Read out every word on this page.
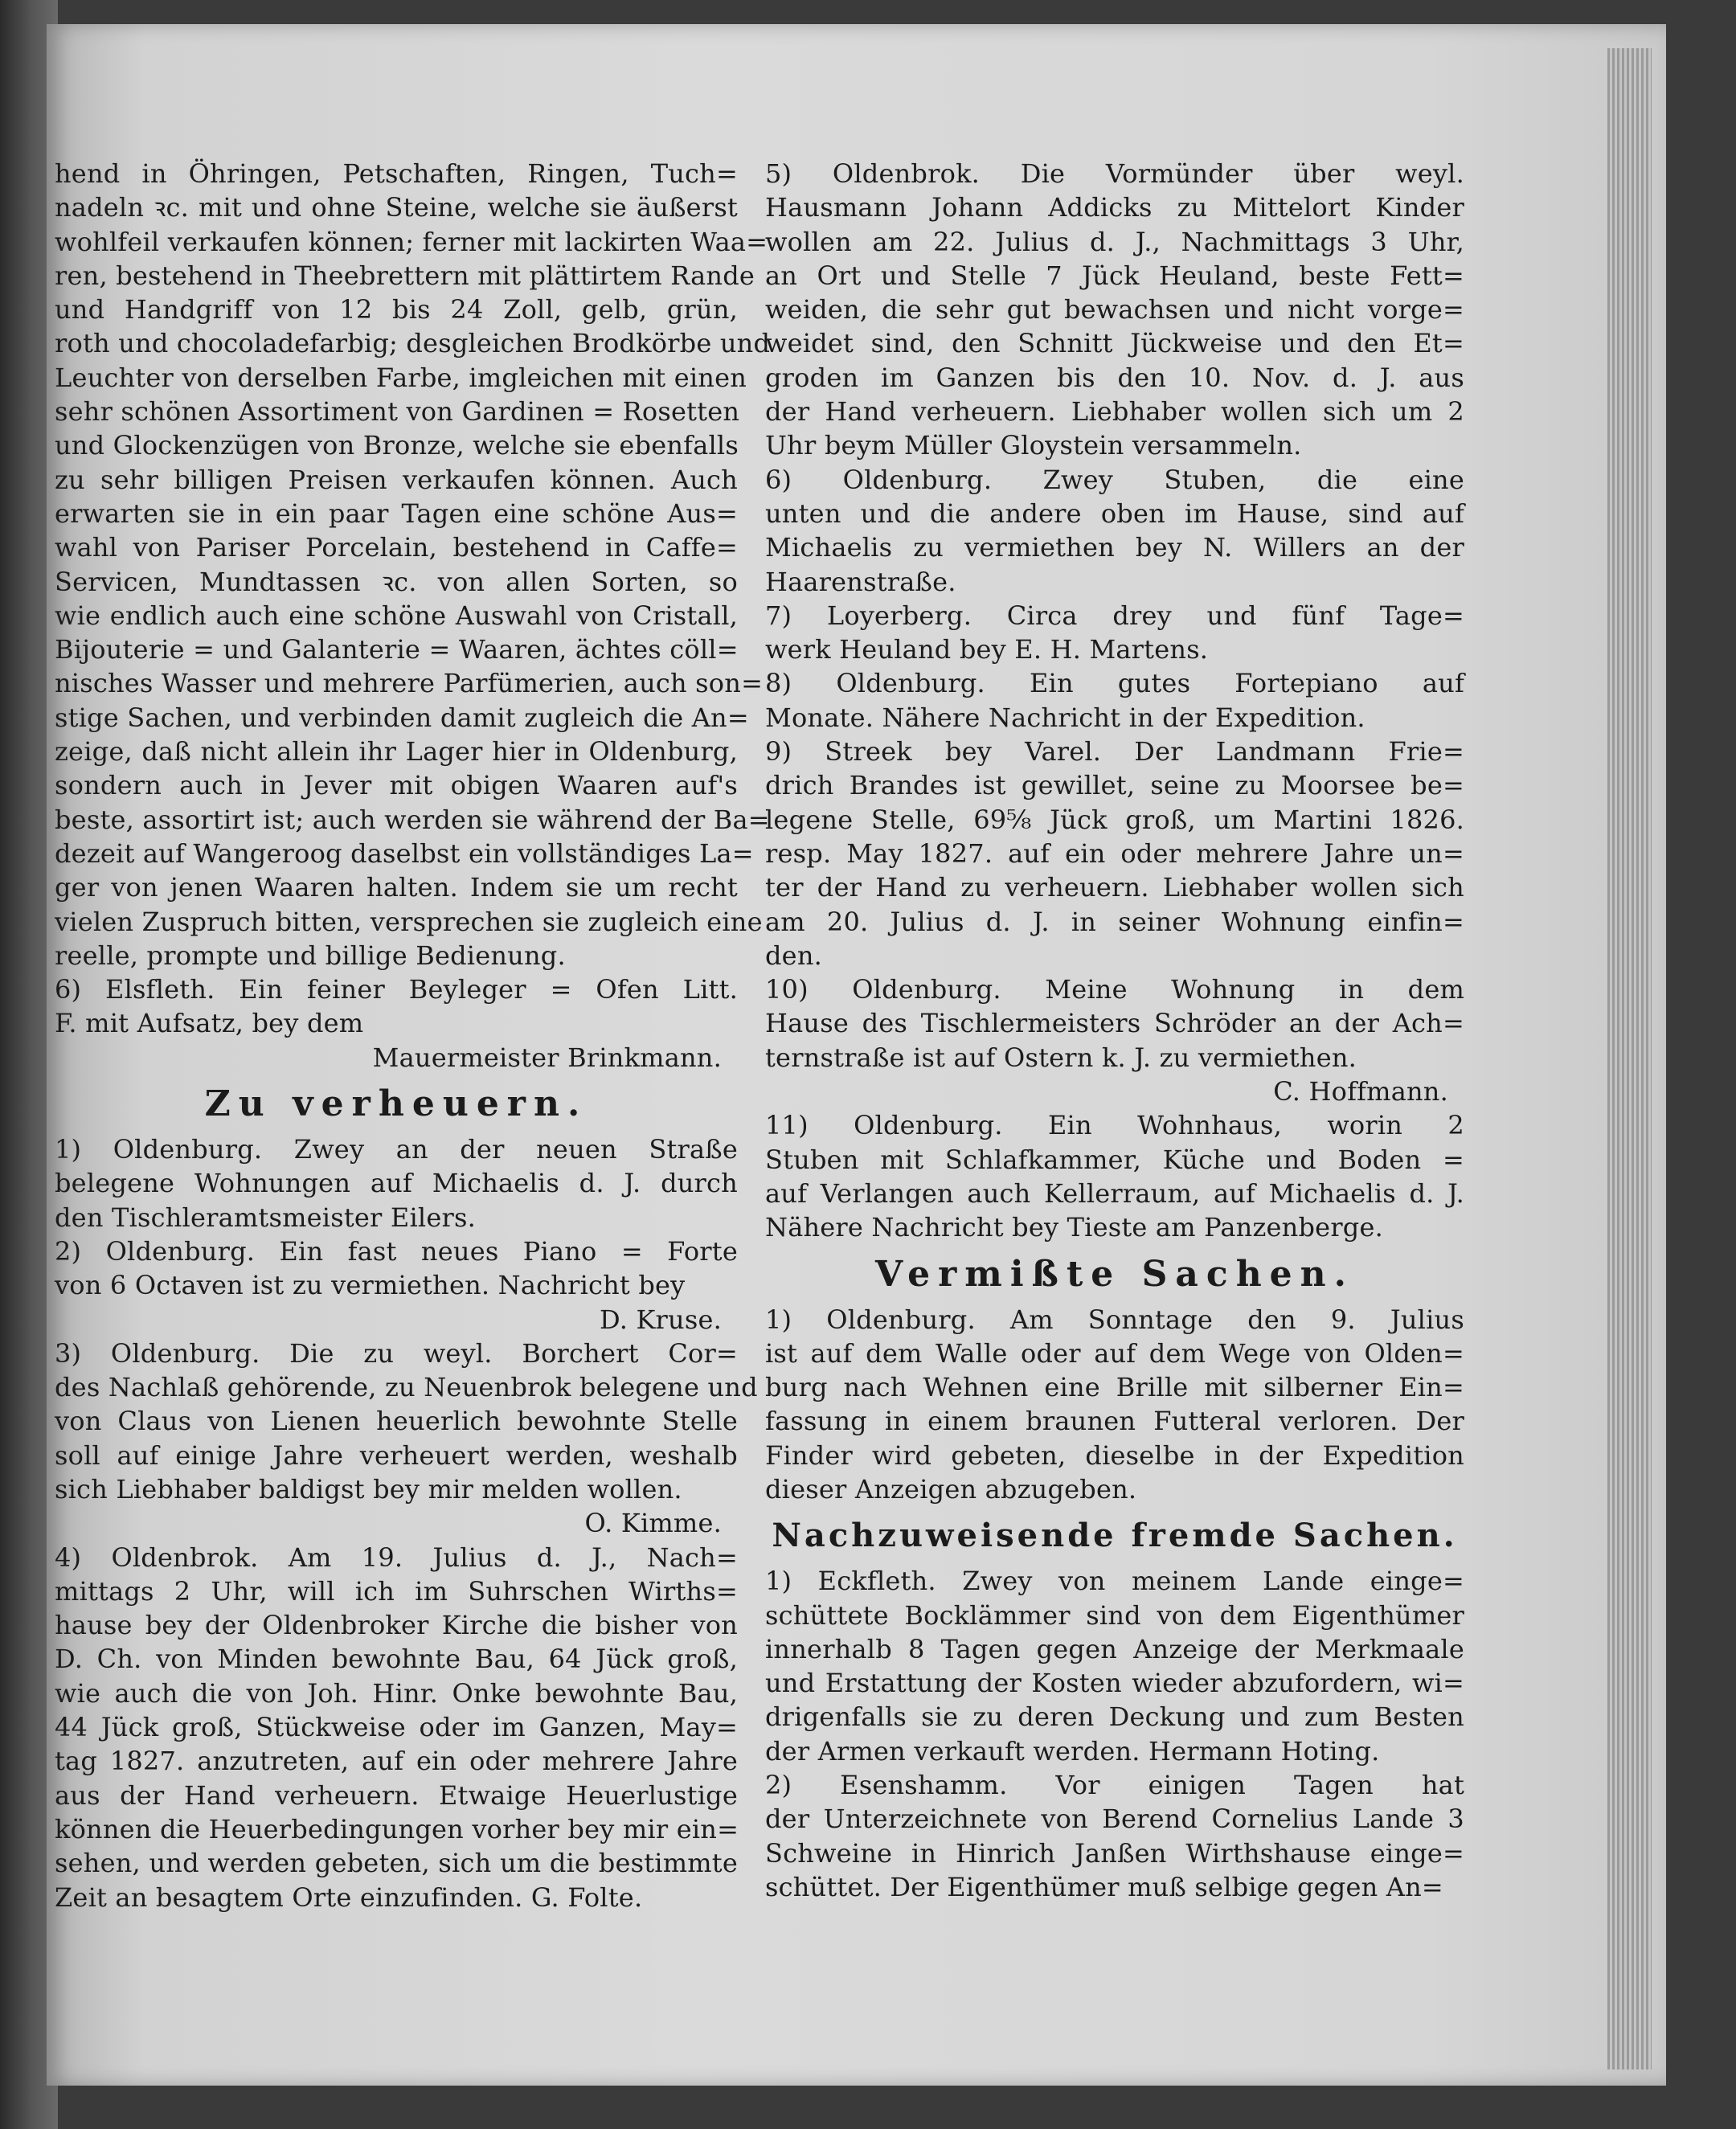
hend in Öhringen, Petschaften, Ringen, Tuch=
nadeln ꝛc. mit und ohne Steine, welche sie äußerst
wohlfeil verkaufen können; ferner mit lackirten Waa=
ren, bestehend in Theebrettern mit plättirtem Rande
und Handgriff von 12 bis 24 Zoll, gelb, grün,
roth und chocoladefarbig; desgleichen Brodkörbe und
Leuchter von derselben Farbe, imgleichen mit einen
sehr schönen Assortiment von Gardinen = Rosetten
und Glockenzügen von Bronze, welche sie ebenfalls
zu sehr billigen Preisen verkaufen können. Auch
erwarten sie in ein paar Tagen eine schöne Aus=
wahl von Pariser Porcelain, bestehend in Caffe=
Servicen, Mundtassen ꝛc. von allen Sorten, so
wie endlich auch eine schöne Auswahl von Cristall,
Bijouterie = und Galanterie = Waaren, ächtes cöll=
nisches Wasser und mehrere Parfümerien, auch son=
stige Sachen, und verbinden damit zugleich die An=
zeige, daß nicht allein ihr Lager hier in Oldenburg,
sondern auch in Jever mit obigen Waaren auf's
beste, assortirt ist; auch werden sie während der Ba=
dezeit auf Wangeroog daselbst ein vollständiges La=
ger von jenen Waaren halten. Indem sie um recht
vielen Zuspruch bitten, versprechen sie zugleich eine
reelle, prompte und billige Bedienung.
6) Elsfleth. Ein feiner Beyleger = Ofen Litt.
F. mit Aufsatz, bey dem
Mauermeister Brinkmann.
Zu verheuern.
1) Oldenburg. Zwey an der neuen Straße
belegene Wohnungen auf Michaelis d. J. durch
den Tischleramtsmeister Eilers.
2) Oldenburg. Ein fast neues Piano = Forte
von 6 Octaven ist zu vermiethen. Nachricht bey
D. Kruse.
3) Oldenburg. Die zu weyl. Borchert Cor=
des Nachlaß gehörende, zu Neuenbrok belegene und
von Claus von Lienen heuerlich bewohnte Stelle
soll auf einige Jahre verheuert werden, weshalb
sich Liebhaber baldigst bey mir melden wollen.
O. Kimme.
4) Oldenbrok. Am 19. Julius d. J., Nach=
mittags 2 Uhr, will ich im Suhrschen Wirths=
hause bey der Oldenbroker Kirche die bisher von
D. Ch. von Minden bewohnte Bau, 64 Jück groß,
wie auch die von Joh. Hinr. Onke bewohnte Bau,
44 Jück groß, Stückweise oder im Ganzen, May=
tag 1827. anzutreten, auf ein oder mehrere Jahre
aus der Hand verheuern. Etwaige Heuerlustige
können die Heuerbedingungen vorher bey mir ein=
sehen, und werden gebeten, sich um die bestimmte
Zeit an besagtem Orte einzufinden. G. Folte.
5) Oldenbrok. Die Vormünder über weyl.
Hausmann Johann Addicks zu Mittelort Kinder
wollen am 22. Julius d. J., Nachmittags 3 Uhr,
an Ort und Stelle 7 Jück Heuland, beste Fett=
weiden, die sehr gut bewachsen und nicht vorge=
weidet sind, den Schnitt Jückweise und den Et=
groden im Ganzen bis den 10. Nov. d. J. aus
der Hand verheuern. Liebhaber wollen sich um 2
Uhr beym Müller Gloystein versammeln.
6) Oldenburg. Zwey Stuben, die eine
unten und die andere oben im Hause, sind auf
Michaelis zu vermiethen bey N. Willers an der
Haarenstraße.
7) Loyerberg. Circa drey und fünf Tage=
werk Heuland bey E. H. Martens.
8) Oldenburg. Ein gutes Fortepiano auf
Monate. Nähere Nachricht in der Expedition.
9) Streek bey Varel. Der Landmann Frie=
drich Brandes ist gewillet, seine zu Moorsee be=
legene Stelle, 69⅝ Jück groß, um Martini 1826.
resp. May 1827. auf ein oder mehrere Jahre un=
ter der Hand zu verheuern. Liebhaber wollen sich
am 20. Julius d. J. in seiner Wohnung einfin=
den.
10) Oldenburg. Meine Wohnung in dem
Hause des Tischlermeisters Schröder an der Ach=
ternstraße ist auf Ostern k. J. zu vermiethen.
C. Hoffmann.
11) Oldenburg. Ein Wohnhaus, worin 2
Stuben mit Schlafkammer, Küche und Boden =
auf Verlangen auch Kellerraum, auf Michaelis d. J.
Nähere Nachricht bey Tieste am Panzenberge.
Vermißte Sachen.
1) Oldenburg. Am Sonntage den 9. Julius
ist auf dem Walle oder auf dem Wege von Olden=
burg nach Wehnen eine Brille mit silberner Ein=
fassung in einem braunen Futteral verloren. Der
Finder wird gebeten, dieselbe in der Expedition
dieser Anzeigen abzugeben.
Nachzuweisende fremde Sachen.
1) Eckfleth. Zwey von meinem Lande einge=
schüttete Bocklämmer sind von dem Eigenthümer
innerhalb 8 Tagen gegen Anzeige der Merkmaale
und Erstattung der Kosten wieder abzufordern, wi=
drigenfalls sie zu deren Deckung und zum Besten
der Armen verkauft werden. Hermann Hoting.
2) Esenshamm. Vor einigen Tagen hat
der Unterzeichnete von Berend Cornelius Lande 3
Schweine in Hinrich Janßen Wirthshause einge=
schüttet. Der Eigenthümer muß selbige gegen An=
